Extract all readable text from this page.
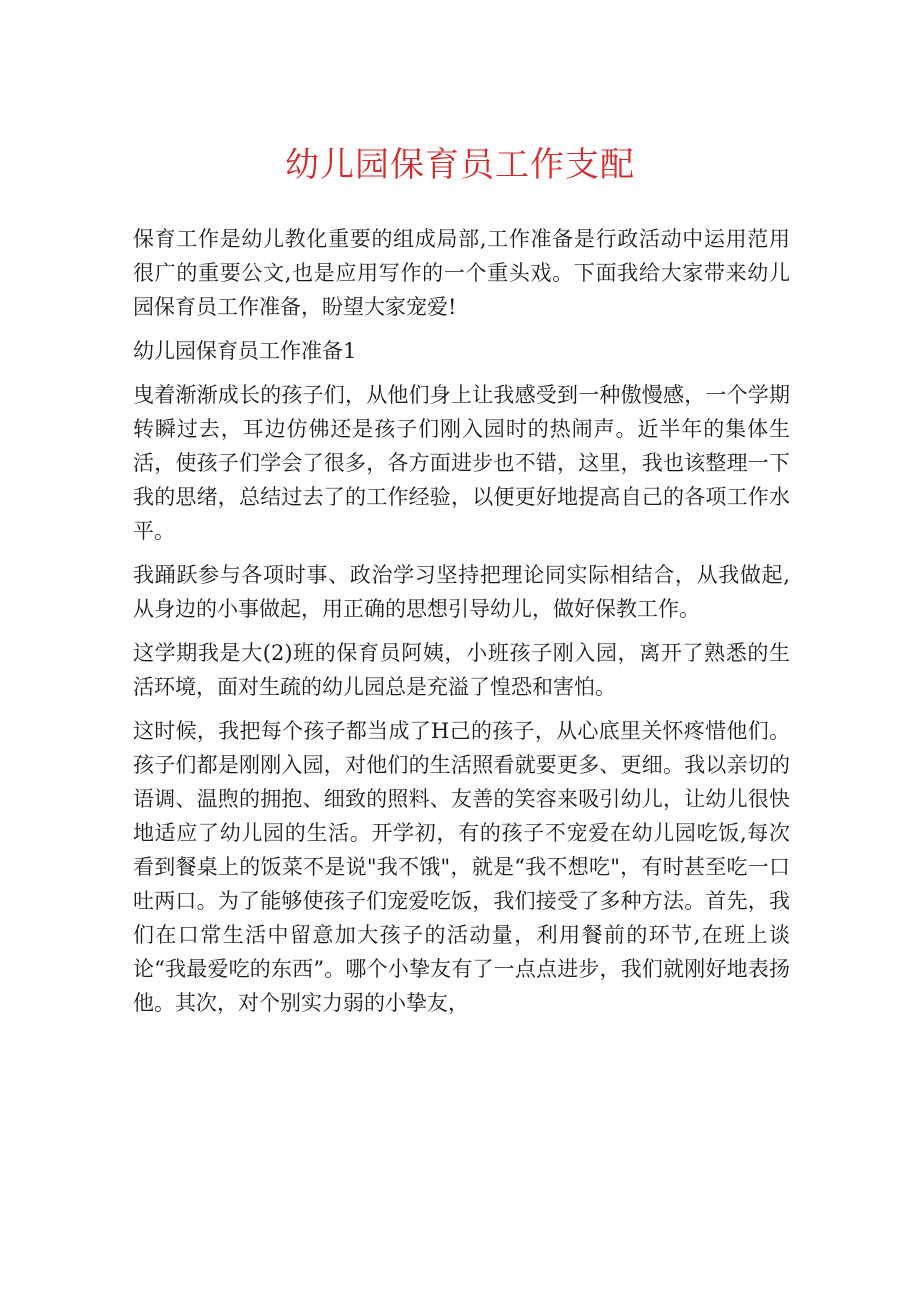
幼儿园保育员工作支配

保育工作是幼儿教化重要的组成局部,工作准备是行政活动中运用范用很广的重要公文,也是应用写作的一个重头戏。下面我给大家带来幼儿园保育员工作准备，盼望大家宠爱!

幼儿园保育员工作准备1

曳着渐渐成长的孩子们，从他们身上让我感受到一种傲慢感，一个学期转瞬过去，耳边仿佛还是孩子们刚入园时的热闹声。近半年的集体生活，使孩子们学会了很多，各方面进步也不错，这里，我也该整理一下我的思绪，总结过去了的工作经验，以便更好地提高自己的各项工作水平。

我踊跃参与各项时事、政治学习坚持把理论同实际相结合，从我做起,从身边的小事做起，用正确的思想引导幼儿，做好保教工作。

这学期我是大(2)班的保育员阿姨，小班孩子刚入园，离开了熟悉的生活环境，面对生疏的幼儿园总是充溢了惶恐和害怕。

这时候，我把每个孩子都当成了H己的孩子，从心底里关怀疼惜他们。孩子们都是刚刚入园，对他们的生活照看就要更多、更细。我以亲切的语调、温煦的拥抱、细致的照料、友善的笑容来吸引幼儿，让幼儿很快地适应了幼儿园的生活。开学初，有的孩子不宠爱在幼儿园吃饭,每次看到餐桌上的饭菜不是说"我不饿"，就是“我不想吃"，有时甚至吃一口吐两口。为了能够使孩子们宠爱吃饭，我们接受了多种方法。首先，我们在口常生活中留意加大孩子的活动量，利用餐前的环节,在班上谈论“我最爱吃的东西”。哪个小挚友有了一点点进步，我们就刚好地表扬他。其次，对个别实力弱的小挚友，
